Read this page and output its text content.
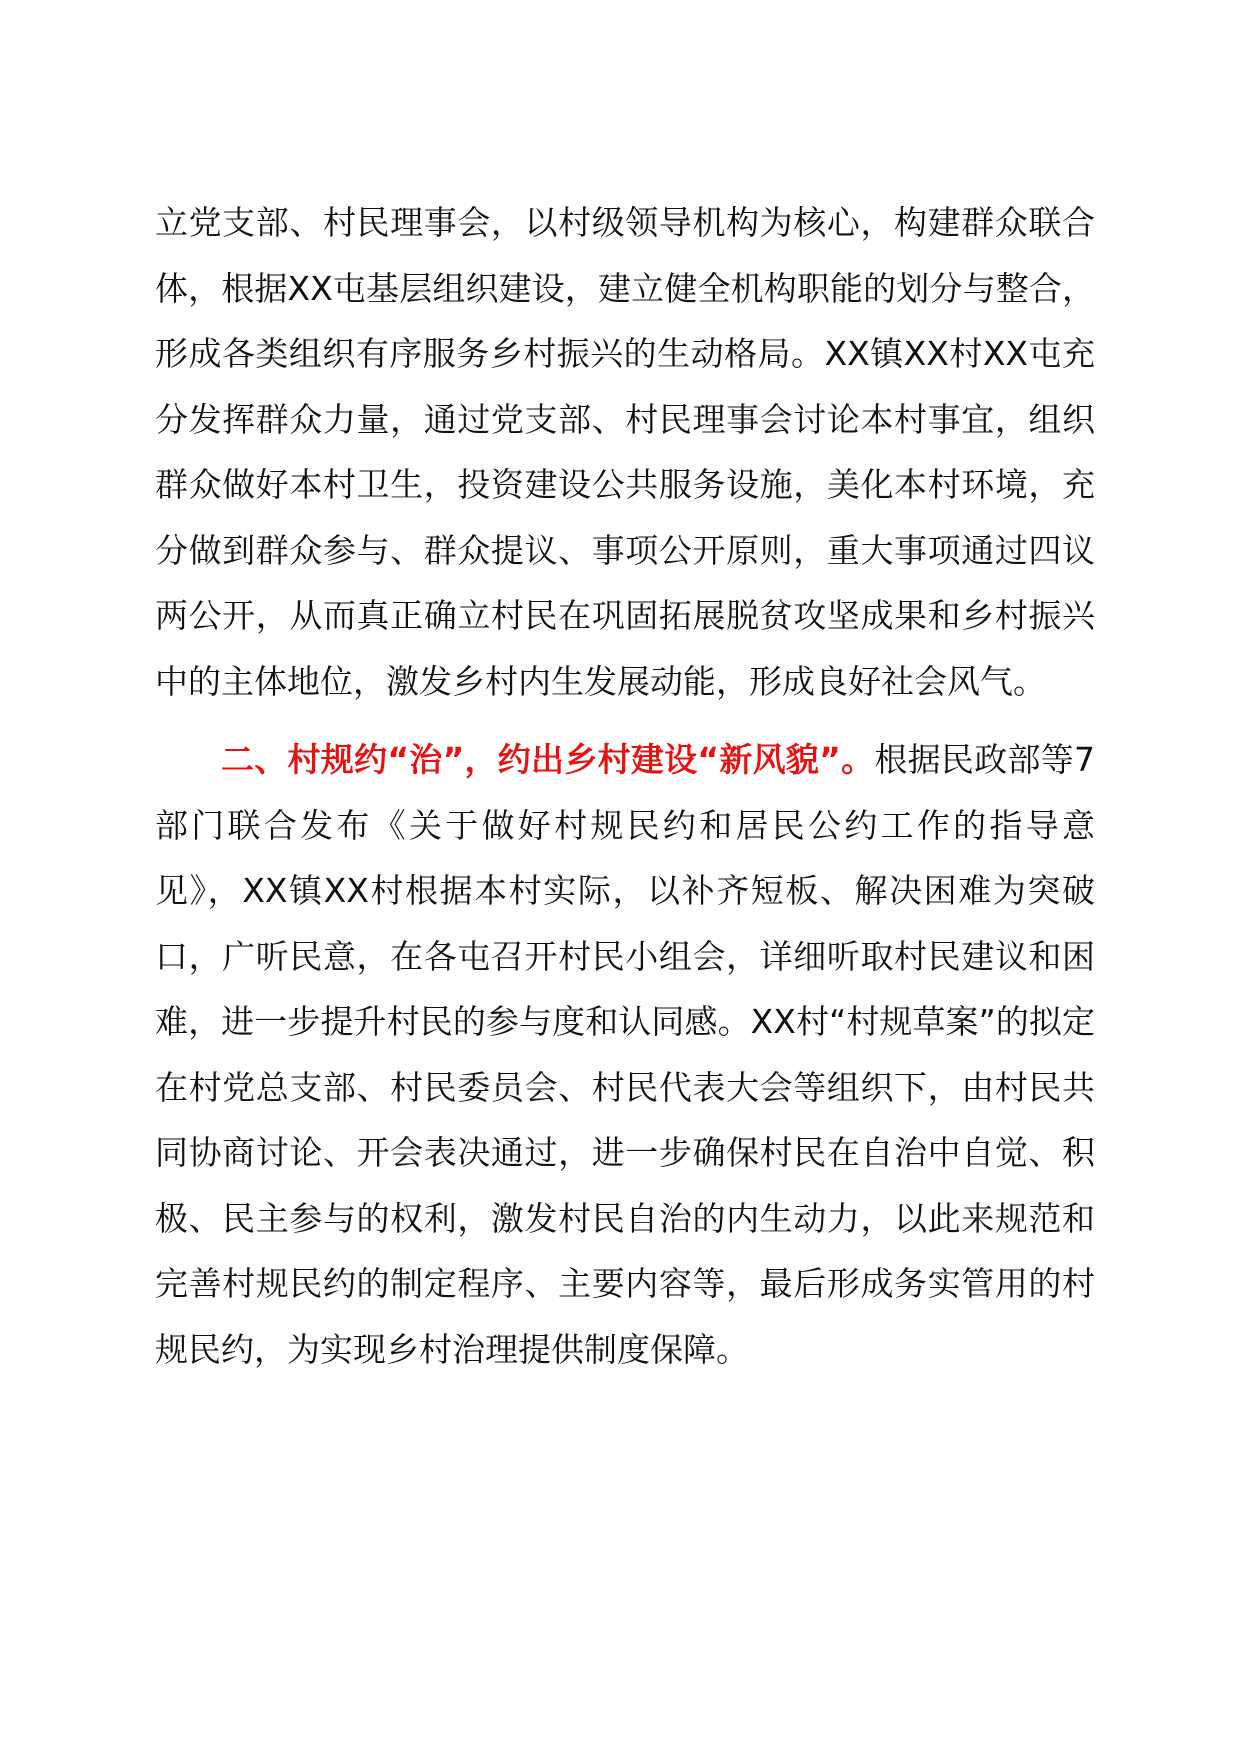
立党支部、村民理事会，以村级领导机构为核心，构建群众联合体，根据XX屯基层组织建设，建立健全机构职能的划分与整合，形成各类组织有序服务乡村振兴的生动格局。XX镇XX村XX屯充分发挥群众力量，通过党支部、村民理事会讨论本村事宜，组织群众做好本村卫生，投资建设公共服务设施，美化本村环境，充分做到群众参与、群众提议、事项公开原则，重大事项通过四议两公开，从而真正确立村民在巩固拓展脱贫攻坚成果和乡村振兴中的主体地位，激发乡村内生发展动能，形成良好社会风气。

二、村规约“治”，约出乡村建设“新风貌”。根据民政部等7部门联合发布《关于做好村规民约和居民公约工作的指导意见》，XX镇XX村根据本村实际，以补齐短板、解决困难为突破口，广听民意，在各屯召开村民小组会，详细听取村民建议和困难，进一步提升村民的参与度和认同感。XX村“村规草案”的拟定在村党总支部、村民委员会、村民代表大会等组织下，由村民共同协商讨论、开会表决通过，进一步确保村民在自治中自觉、积极、民主参与的权利，激发村民自治的内生动力，以此来规范和完善村规民约的制定程序、主要内容等，最后形成务实管用的村规民约，为实现乡村治理提供制度保障。
